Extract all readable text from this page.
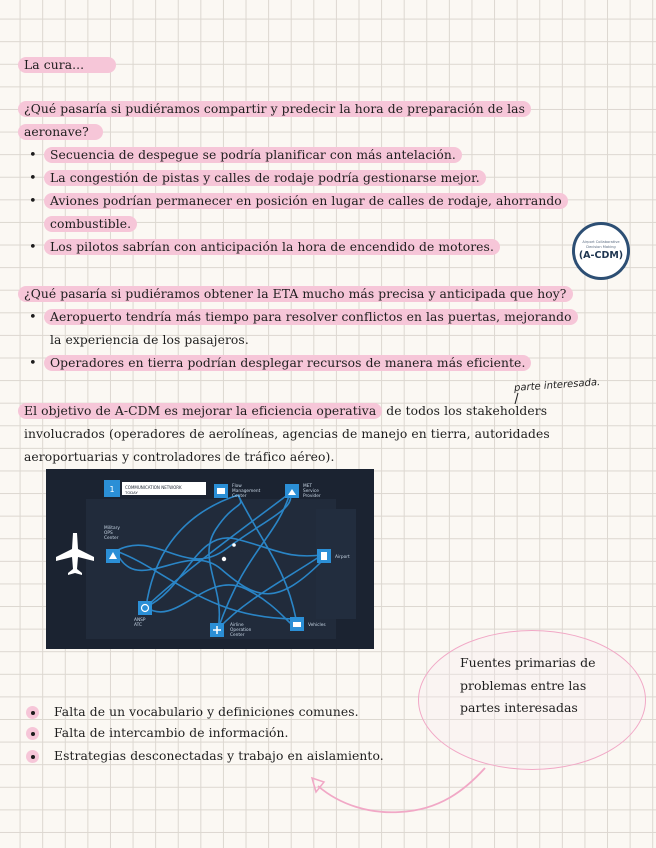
La cura...
¿Qué pasaría si pudiéramos compartir y predecir la hora de preparación de las
aeronave?
• Secuencia de despegue se podría planificar con más antelación.
• La congestión de pistas y calles de rodaje podría gestionarse mejor.
• Aviones podrían permanecer en posición en lugar de calles de rodaje, ahorrando
combustible.
• Los pilotos sabrían con anticipación la hora de encendido de motores.	Airport Collaborative Decision Making
(A-CDM)
¿Qué pasaría si pudiéramos obtener la ETA mucho más precisa y anticipada que hoy?
• Aeropuerto tendría más tiempo para resolver conflictos en las puertas, mejorando
la experiencia de los pasajeros.
• Operadores en tierra podrían desplegar recursos de manera más eficiente.
parte interesada.
El objetivo de A-CDM es mejorar la eficiencia operativa de todos los stakeholders
involucrados (operadores de aerolíneas, agencias de manejo en tierra, autoridades
aeroportuarias y controladores de tráfico aéreo).
1	COMMUNICATION NETWORK
TODAY
Flow
Management
Center
MET
Service
Provider
Military
OPS
Center
Airport
ANSP
ATC	Airline
Operation
Center
Vehicles
Fuentes primarias de
problemas entre las
partes interesadas
Falta de un vocabulario y definiciones comunes.
Falta de intercambio de información.
Estrategias desconectadas y trabajo en aislamiento.
